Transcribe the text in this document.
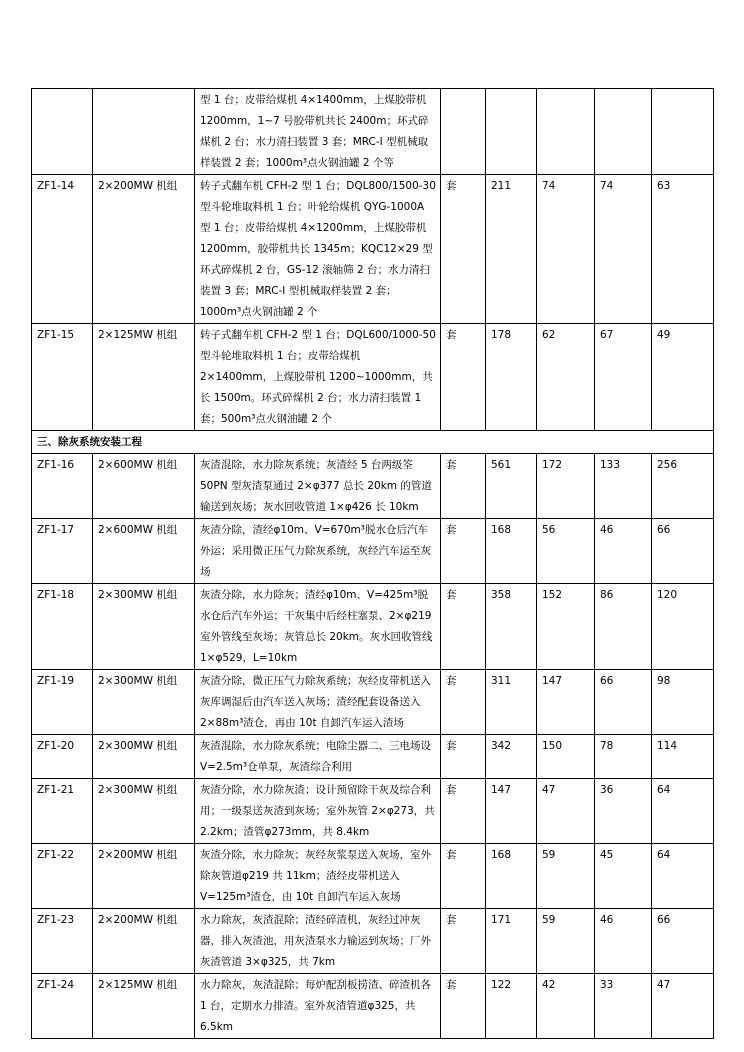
		型 1 台；皮带给煤机 4×1400mm，上煤胶带机 1200mm，1~7 号胶带机共长 2400m；环式碎煤机 2 台；水力清扫装置 3 套；MRC-I 型机械取样装置 2 套；1000m³点火钢油罐 2 个等					
ZF1-14	2×200MW 机组	转子式翻车机 CFH-2 型 1 台；DQL800/1500-30 型斗轮堆取料机 1 台；叶轮给煤机 QYG-1000A 型 1 台；皮带给煤机 4×1200mm，上煤胶带机 1200mm，胶带机共长 1345m；KQC12×29 型环式碎煤机 2 台，GS-12 滚轴筛 2 台；水力清扫装置 3 套；MRC-I 型机械取样装置 2 套；1000m³点火钢油罐 2 个	套	211	74	74	63
ZF1-15	2×125MW 机组	转子式翻车机 CFH-2 型 1 台；DQL600/1000-50 型斗轮堆取料机 1 台；皮带给煤机 2×1400mm，上煤胶带机 1200~1000mm，共长 1500m。环式碎煤机 2 台；水力清扫装置 1 套；500m³点火钢油罐 2 个	套	178	62	67	49
三、除灰系统安装工程							
ZF1-16	2×600MW 机组	灰渣混除，水力除灰系统；灰渣经 5 台两级筌 50PN 型灰渣泵通过 2×φ377 总长 20km 的管道输送到灰场；灰水回收管道 1×φ426 长 10km	套	561	172	133	256
ZF1-17	2×600MW 机组	灰渣分除，渣经φ10m、V=670m³脱水仓后汽车外运；采用微正压气力除灰系统，灰经汽车运至灰场	套	168	56	46	66
ZF1-18	2×300MW 机组	灰渣分除，水力除灰；渣经φ10m、V=425m³脱水仓后汽车外运；干灰集中后经柱塞泵、2×φ219 室外管线至灰场；灰管总长 20km。灰水回收管线 1×φ529，L=10km	套	358	152	86	120
ZF1-19	2×300MW 机组	灰渣分除，微正压气力除灰系统；灰经皮带机送入灰库调湿后由汽车送入灰场；渣经配套设备送入 2×88m³渣仓，再由 10t 自卸汽车运入渣场	套	311	147	66	98
ZF1-20	2×300MW 机组	灰渣混除，水力除灰系统；电除尘器二、三电场设 V=2.5m³仓单泵，灰渣综合利用	套	342	150	78	114
ZF1-21	2×300MW 机组	灰渣分除，水力除灰渣；设计预留除干灰及综合利用；一级泵送灰渣到灰场；室外灰管 2×φ273，共 2.2km；渣管φ273mm，共 8.4km	套	147	47	36	64
ZF1-22	2×200MW 机组	灰渣分除，水力除灰；灰经灰浆泵送入灰场，室外除灰管道φ219 共 11km；渣经皮带机送入 V=125m³渣仓，由 10t 自卸汽车运入灰场	套	168	59	45	64
ZF1-23	2×200MW 机组	水力除灰，灰渣混除；渣经碎渣机，灰经过冲灰器，排入灰渣池，用灰渣泵水力输运到灰场；厂外灰渣管道 3×φ325，共 7km	套	171	59	46	66
ZF1-24	2×125MW 机组	水力除灰，灰渣混除；每炉配刮板捞渣、碎渣机各 1 台，定期水力排渣。室外灰渣管道φ325，共 6.5km	套	122	42	33	47
